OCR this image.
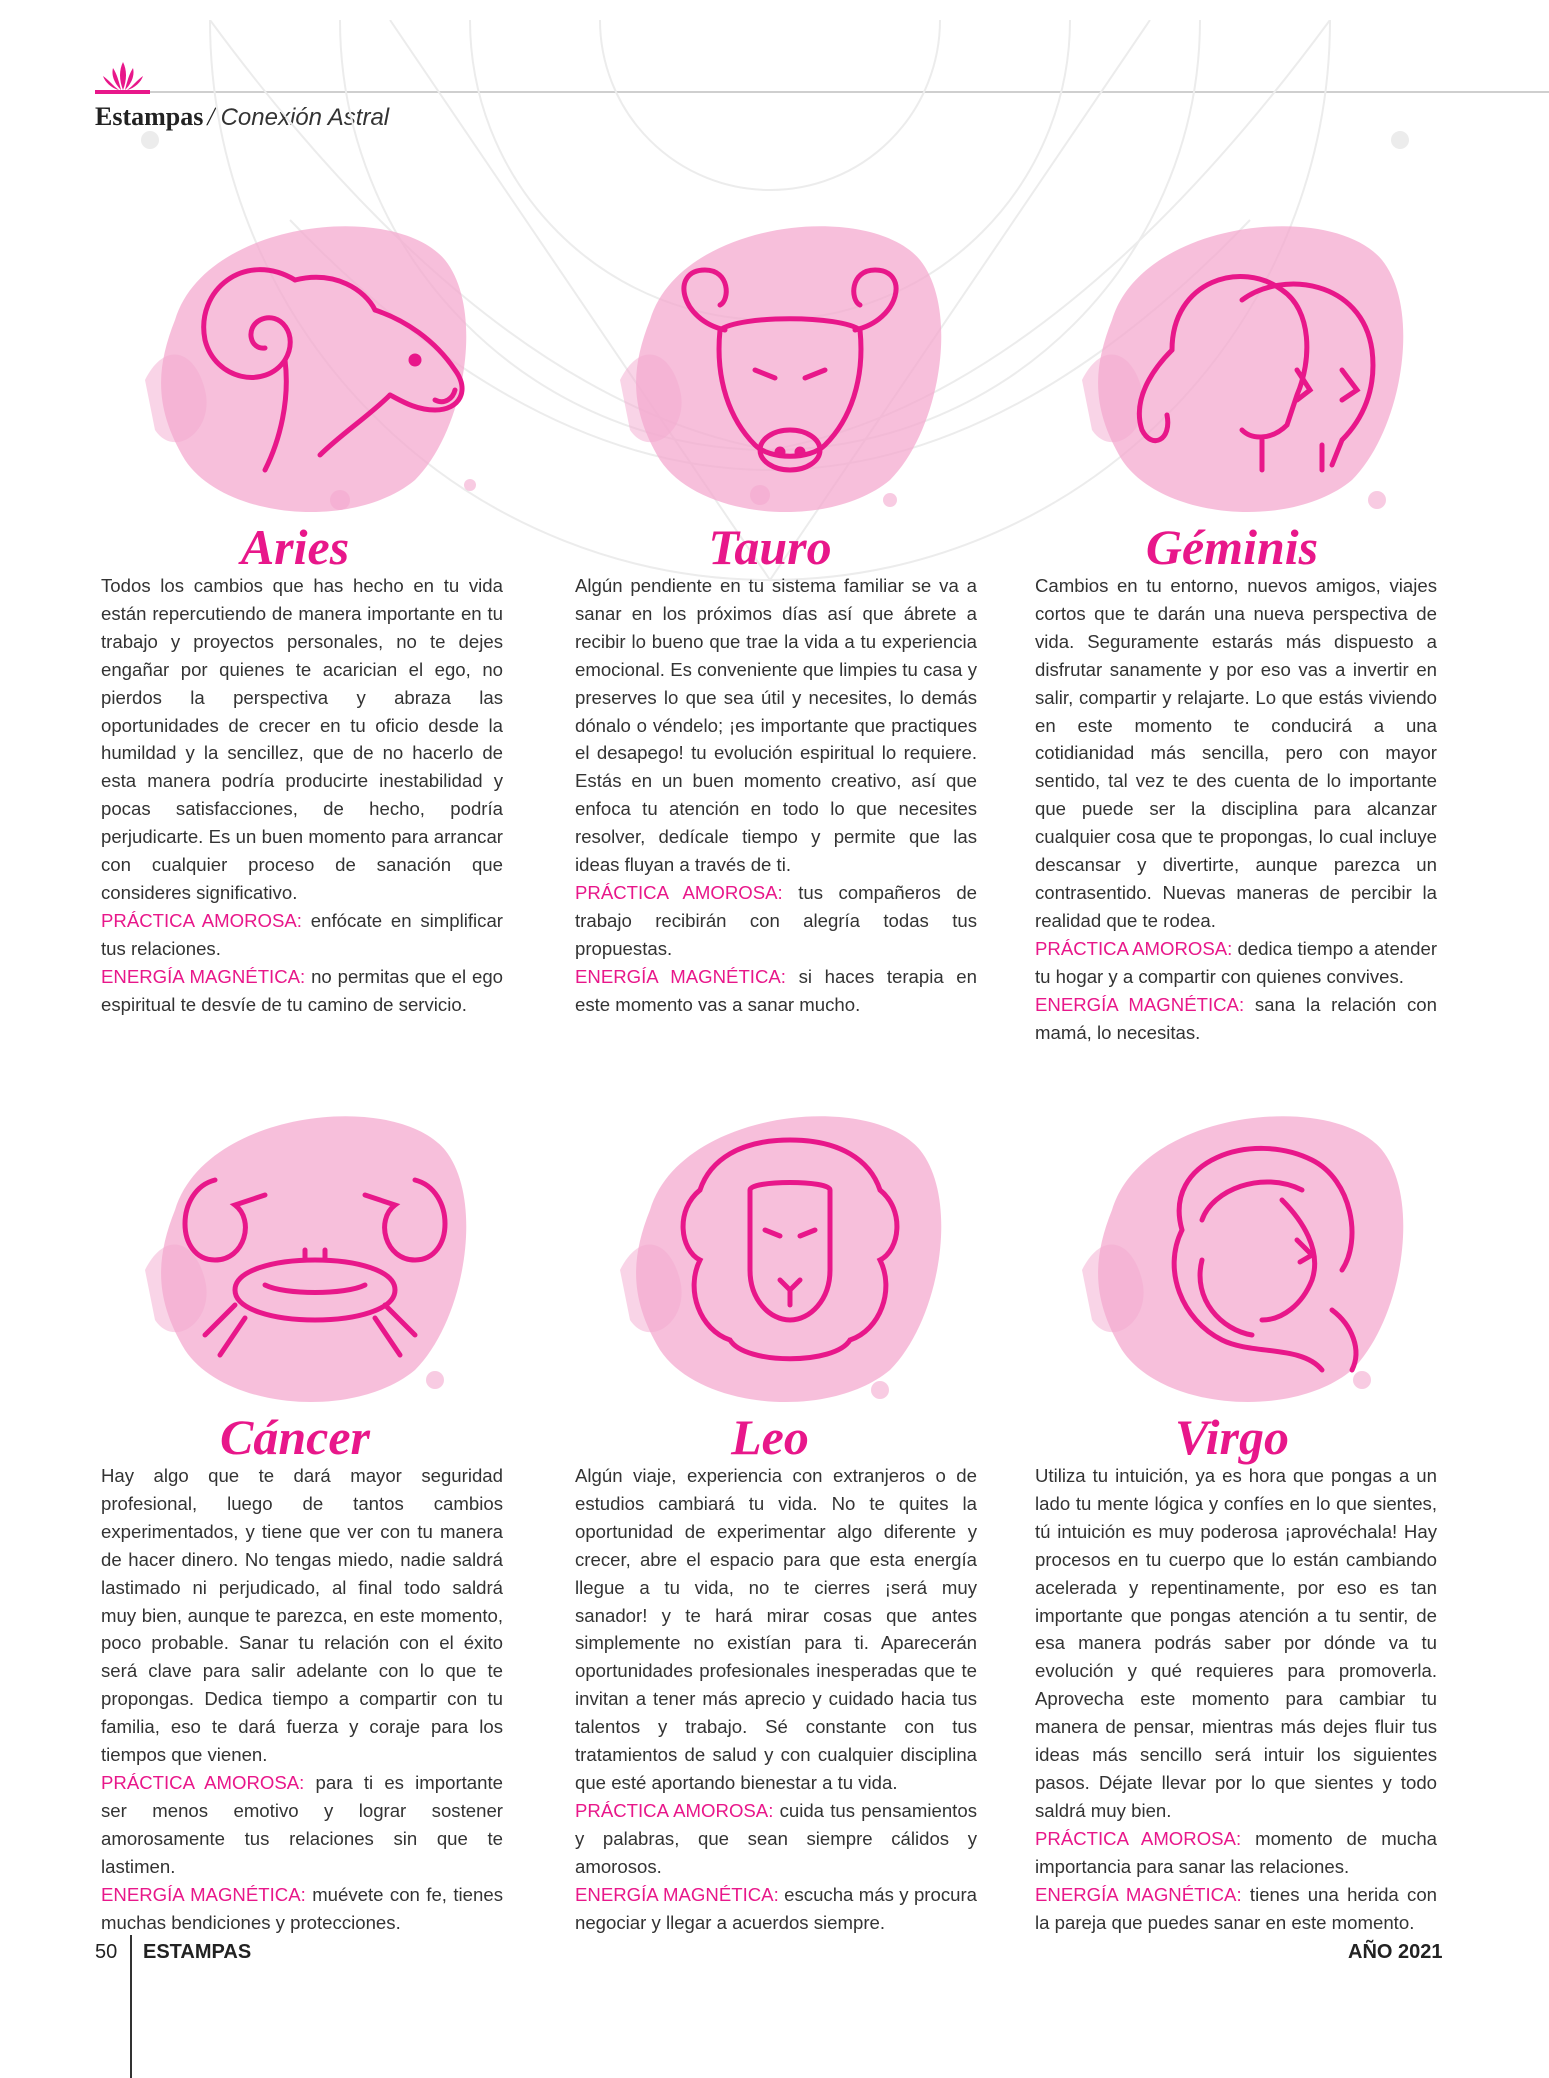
Estampas / Conexión Astral
Aries

Todos los cambios que has hecho en tu vida están repercutiendo de manera importante en tu trabajo y proyectos personales, no te dejes engañar por quienes te acarician el ego, no pierdos la perspectiva y abraza las oportunidades de crecer en tu oficio desde la humildad y la sencillez, que de no hacerlo de esta manera podría producirte inestabilidad y pocas satisfacciones, de hecho, podría perjudicarte. Es un buen momento para arrancar con cualquier proceso de sanación que consideres significativo.

PRÁCTICA AMOROSA: enfócate en simplificar tus relaciones.

ENERGÍA MAGNÉTICA: no permitas que el ego espiritual te desvíe de tu camino de servicio.

Tauro

Algún pendiente en tu sistema familiar se va a sanar en los próximos días así que ábrete a recibir lo bueno que trae la vida a tu experiencia emocional. Es conveniente que limpies tu casa y preserves lo que sea útil y necesites, lo demás dónalo o véndelo; ¡es importante que practiques el desapego! tu evolución espiritual lo requiere. Estás en un buen momento creativo, así que enfoca tu atención en todo lo que necesites resolver, dedícale tiempo y permite que las ideas fluyan a través de ti.

PRÁCTICA AMOROSA: tus compañeros de trabajo recibirán con alegría todas tus propuestas.

ENERGÍA MAGNÉTICA: si haces terapia en este momento vas a sanar mucho.

Géminis

Cambios en tu entorno, nuevos amigos, viajes cortos que te darán una nueva perspectiva de vida. Seguramente estarás más dispuesto a disfrutar sanamente y por eso vas a invertir en salir, compartir y relajarte. Lo que estás viviendo en este momento te conducirá a una cotidianidad más sencilla, pero con mayor sentido, tal vez te des cuenta de lo importante que puede ser la disciplina para alcanzar cualquier cosa que te propongas, lo cual incluye descansar y divertirte, aunque parezca un contrasentido. Nuevas maneras de percibir la realidad que te rodea.

PRÁCTICA AMOROSA: dedica tiempo a atender tu hogar y a compartir con quienes convives.

ENERGÍA MAGNÉTICA: sana la relación con mamá, lo necesitas.

Cáncer

Hay algo que te dará mayor seguridad profesional, luego de tantos cambios experimentados, y tiene que ver con tu manera de hacer dinero. No tengas miedo, nadie saldrá lastimado ni perjudicado, al final todo saldrá muy bien, aunque te parezca, en este momento, poco probable. Sanar tu relación con el éxito será clave para salir adelante con lo que te propongas. Dedica tiempo a compartir con tu familia, eso te dará fuerza y coraje para los tiempos que vienen.

PRÁCTICA AMOROSA: para ti es importante ser menos emotivo y lograr sostener amorosamente tus relaciones sin que te lastimen.

ENERGÍA MAGNÉTICA: muévete con fe, tienes muchas bendiciones y protecciones.

Leo

Algún viaje, experiencia con extranjeros o de estudios cambiará tu vida. No te quites la oportunidad de experimentar algo diferente y crecer, abre el espacio para que esta energía llegue a tu vida, no te cierres ¡será muy sanador! y te hará mirar cosas que antes simplemente no existían para ti. Aparecerán oportunidades profesionales inesperadas que te invitan a tener más aprecio y cuidado hacia tus talentos y trabajo. Sé constante con tus tratamientos de salud y con cualquier disciplina que esté aportando bienestar a tu vida.

PRÁCTICA AMOROSA: cuida tus pensamientos y palabras, que sean siempre cálidos y amorosos.

ENERGÍA MAGNÉTICA: escucha más y procura negociar y llegar a acuerdos siempre.

Virgo

Utiliza tu intuición, ya es hora que pongas a un lado tu mente lógica y confíes en lo que sientes, tú intuición es muy poderosa ¡aprovéchala! Hay procesos en tu cuerpo que lo están cambiando acelerada y repentinamente, por eso es tan importante que pongas atención a tu sentir, de esa manera podrás saber por dónde va tu evolución y qué requieres para promoverla. Aprovecha este momento para cambiar tu manera de pensar, mientras más dejes fluir tus ideas más sencillo será intuir los siguientes pasos. Déjate llevar por lo que sientes y todo saldrá muy bien.

PRÁCTICA AMOROSA: momento de mucha importancia para sanar las relaciones.

ENERGÍA MAGNÉTICA: tienes una herida con la pareja que puedes sanar en este momento.

50 ESTAMPAS	AÑO 2021
